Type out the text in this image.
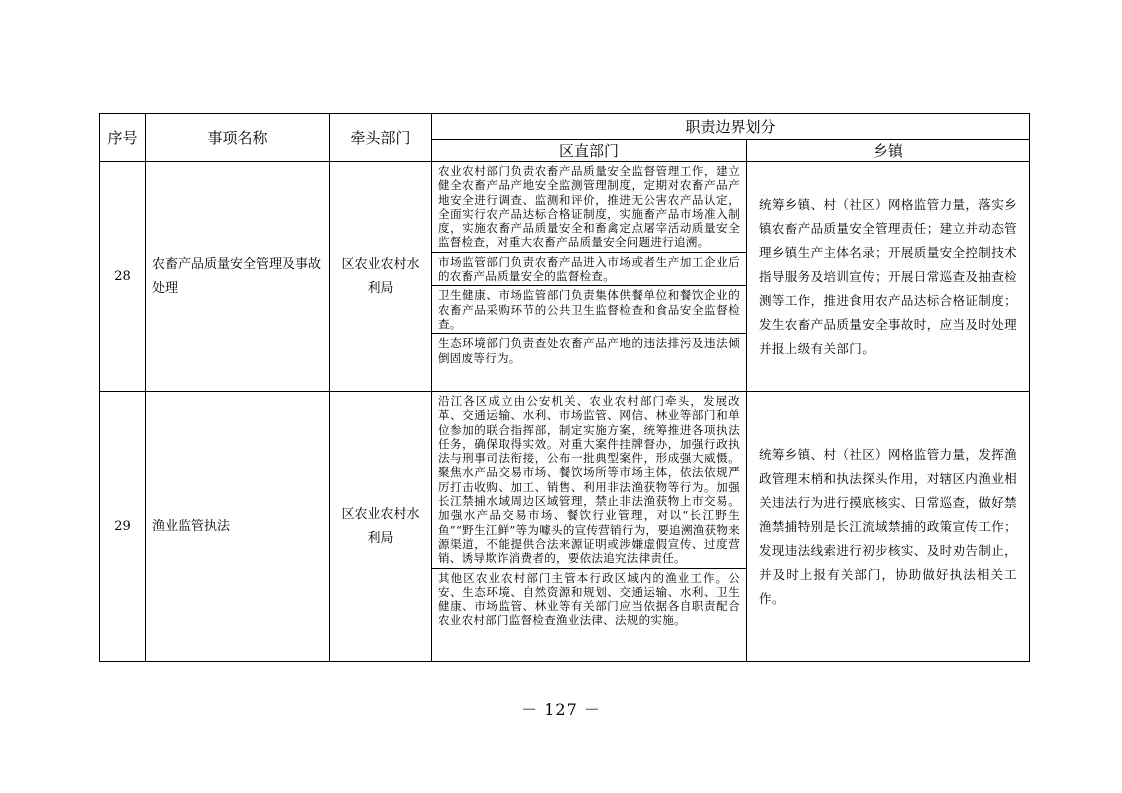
序号	事项名称	牵头部门	职责边界划分	
			区直部门	乡镇
28	农畜产品质量安全管理及事故处理	区农业农村水利局	农业农村部门负责农畜产品质量安全监督管理工作，建立健全农畜产品产地安全监测管理制度，定期对农畜产品产地安全进行调查、监测和评价，推进无公害农产品认定，全面实行农产品达标合格证制度，实施畜产品市场准入制度，实施农畜产品质量安全和畜禽定点屠宰活动质量安全监督检查，对重大农畜产品质量安全问题进行追溯。
市场监管部门负责农畜产品进入市场或者生产加工企业后的农畜产品质量安全的监督检查。
卫生健康、市场监管部门负责集体供餐单位和餐饮企业的农畜产品采购环节的公共卫生监督检查和食品安全监督检查。
生态环境部门负责查处农畜产品产地的违法排污及违法倾倒固废等行为。	统筹乡镇、村（社区）网格监管力量，落实乡镇农畜产品质量安全管理责任；建立并动态管理乡镇生产主体名录；开展质量安全控制技术指导服务及培训宣传；开展日常巡查及抽查检测等工作，推进食用农产品达标合格证制度；发生农畜产品质量安全事故时，应当及时处理并报上级有关部门。
29	渔业监管执法	区农业农村水利局	沿江各区成立由公安机关、农业农村部门牵头，发展改革、交通运输、水利、市场监管、网信、林业等部门和单位参加的联合指挥部，制定实施方案，统筹推进各项执法任务，确保取得实效。对重大案件挂牌督办，加强行政执法与刑事司法衔接，公布一批典型案件，形成强大威慑。聚焦水产品交易市场、餐饮场所等市场主体，依法依规严厉打击收购、加工、销售、利用非法渔获物等行为。加强长江禁捕水域周边区域管理，禁止非法渔获物上市交易。加强水产品交易市场、餐饮行业管理，对以“长江野生鱼”“野生江鲜”等为噱头的宣传营销行为，要追溯渔获物来源渠道，不能提供合法来源证明或涉嫌虚假宣传、过度营销、诱导欺诈消费者的，要依法追究法律责任。
其他区农业农村部门主管本行政区域内的渔业工作。公安、生态环境、自然资源和规划、交通运输、水利、卫生健康、市场监管、林业等有关部门应当依据各自职责配合农业农村部门监督检查渔业法律、法规的实施。	统筹乡镇、村（社区）网格监管力量，发挥渔政管理末梢和执法探头作用，对辖区内渔业相关违法行为进行摸底核实、日常巡查，做好禁渔禁捕特别是长江流域禁捕的政策宣传工作；发现违法线索进行初步核实、及时劝告制止，并及时上报有关部门，协助做好执法相关工作。
－ 127 －
